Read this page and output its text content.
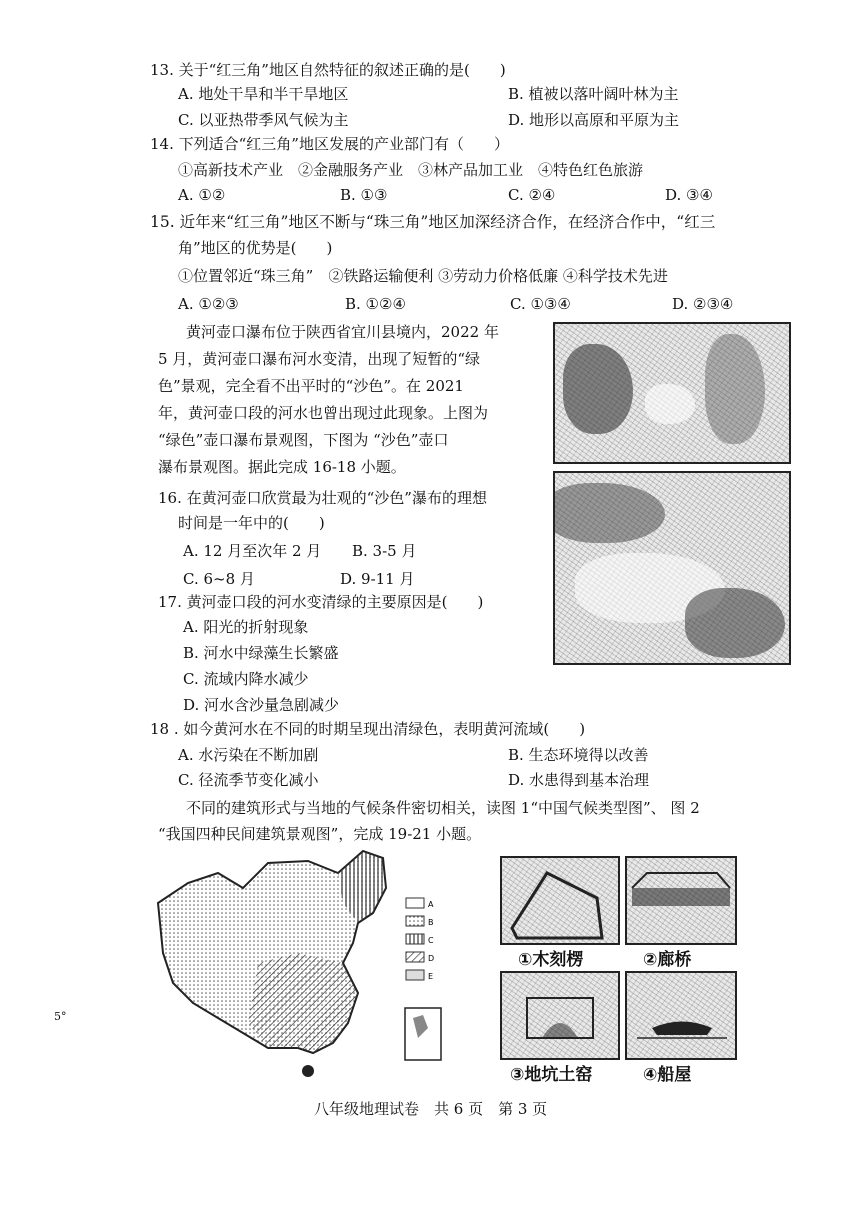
13. 关于“红三角”地区自然特征的叙述正确的是(　　)
A. 地处干旱和半干旱地区	B. 植被以落叶阔叶林为主
C. 以亚热带季风气候为主	D. 地形以高原和平原为主
14. 下列适合“红三角”地区发展的产业部门有（　　）
①高新技术产业　②金融服务产业　③林产品加工业　④特色红色旅游
A. ①②	B. ①③	C. ②④	D. ③④
15. 近年来“红三角”地区不断与“珠三角”地区加深经济合作，在经济合作中，“红三
角”地区的优势是(　　)
①位置邻近“珠三角”　②铁路运输便利 ③劳动力价格低廉 ④科学技术先进
A. ①②③	B. ①②④	C. ①③④	D. ②③④
黄河壶口瀑布位于陕西省宜川县境内，2022 年
5 月，黄河壶口瀑布河水变清，出现了短暂的“绿
色”景观，完全看不出平时的“沙色”。在 2021
年，黄河壶口段的河水也曾出现过此现象。上图为
“绿色”壶口瀑布景观图，下图为 “沙色”壶口
瀑布景观图。据此完成 16-18 小题。
16. 在黄河壶口欣赏最为壮观的“沙色”瀑布的理想
时间是一年中的(　　)
A. 12 月至次年 2 月 B. 3-5 月
C. 6~8 月	D. 9-11 月
17. 黄河壶口段的河水变清绿的主要原因是(　　)
A. 阳光的折射现象
B. 河水中绿藻生长繁盛
C. 流域内降水减少
D. 河水含沙量急剧减少
18 . 如今黄河水在不同的时期呈现出清绿色，表明黄河流域(　　)
A. 水污染在不断加剧	B. 生态环境得以改善
C. 径流季节变化减小	D. 水患得到基本治理
不同的建筑形式与当地的气候条件密切相关，读图 1“中国气候类型图”、 图 2
“我国四种民间建筑景观图”，完成 19-21 小题。
A
B
C
D
E
①木刻楞	②廊桥
③地坑土窑	④船屋
5°
八年级地理试卷　共 6 页　第 3 页
